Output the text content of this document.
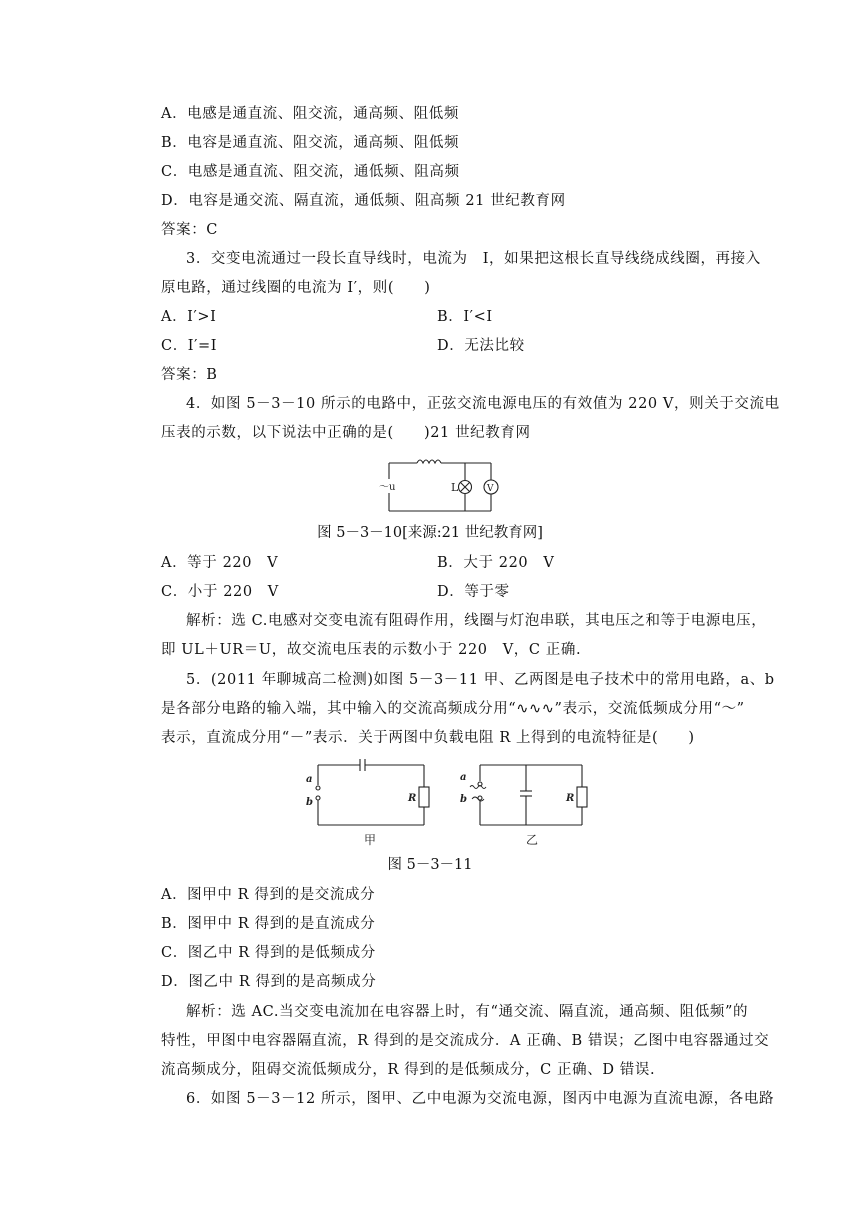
A．电感是通直流、阻交流，通高频、阻低频
B．电容是通直流、阻交流，通高频、阻低频
C．电感是通直流、阻交流，通低频、阻高频
D．电容是通交流、隔直流，通低频、阻高频 21 世纪教育网
答案：C
3．交变电流通过一段长直导线时，电流为　I，如果把这根长直导线绕成线圈，再接入
原电路，通过线圈的电流为 I′，则(　　)
A．I′>I	B．I′<I
C．I′=I	D．无法比较
答案：B
4．如图 5－3－10 所示的电路中，正弦交流电源电压的有效值为 220 V，则关于交流电
压表的示数，以下说法中正确的是(　　)21 世纪教育网
～u	L	V
图 5－3－10[来源:21 世纪教育网]
A．等于 220　V	B．大于 220　V
C．小于 220　V	D．等于零
解析：选 C.电感对交变电流有阻碍作用，线圈与灯泡串联，其电压之和等于电源电压，
即 UL＋UR＝U，故交流电压表的示数小于 220　V，C 正确.
5．(2011 年聊城高二检测)如图 5－3－11 甲、乙两图是电子技术中的常用电路，a、b
是各部分电路的输入端，其中输入的交流高频成分用“∿∿∿”表示，交流低频成分用“～”
表示，直流成分用“－”表示．关于两图中负载电阻 R 上得到的电流特征是(　　)
a
b	R
a
b	R
甲	乙
图 5－3－11
A．图甲中 R 得到的是交流成分
B．图甲中 R 得到的是直流成分
C．图乙中 R 得到的是低频成分
D．图乙中 R 得到的是高频成分
解析：选 AC.当交变电流加在电容器上时，有“通交流、隔直流，通高频、阻低频”的
特性，甲图中电容器隔直流，R 得到的是交流成分．A 正确、B 错误；乙图中电容器通过交
流高频成分，阻碍交流低频成分，R 得到的是低频成分，C 正确、D 错误.
6．如图 5－3－12 所示，图甲、乙中电源为交流电源，图丙中电源为直流电源，各电路
